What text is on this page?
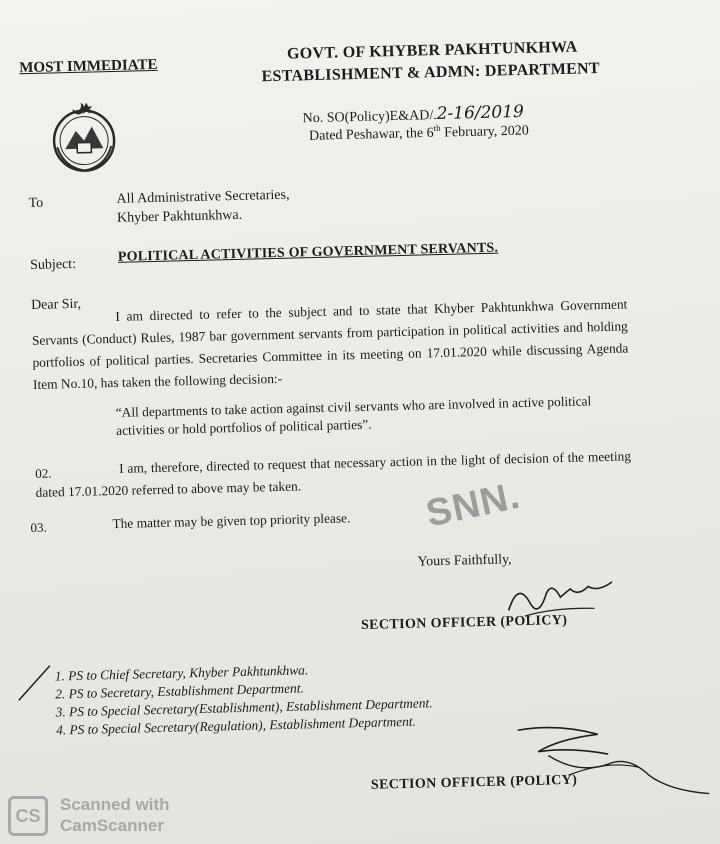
MOST IMMEDIATE
GOVT. OF KHYBER PAKHTUNKHWA
ESTABLISHMENT & ADMN: DEPARTMENT
No. SO(Policy)E&AD/.2-16/2019
Dated Peshawar, the 6th February, 2020
To	All Administrative Secretaries,
Khyber Pakhtunkhwa.
Subject:
POLITICAL ACTIVITIES OF GOVERNMENT SERVANTS.
Dear Sir,	I am directed to refer to the subject and to state that Khyber Pakhtunkhwa Government Servants (Conduct) Rules, 1987 bar government servants from participation in political activities and holding portfolios of political parties. Secretaries Committee in its meeting on 17.01.2020 while discussing Agenda Item No.10, has taken the following decision:-
“All departments to take action against civil servants who are involved in active political activities or hold portfolios of political parties”.
02.	I am, therefore, directed to request that necessary action in the light of decision of the meeting dated 17.01.2020 referred to above may be taken.
03.	The matter may be given top priority please.
Yours Faithfully,
SECTION OFFICER (POLICY)
1. PS to Chief Secretary, Khyber Pakhtunkhwa.
2. PS to Secretary, Establishment Department.
3. PS to Special Secretary(Establishment), Establishment Department.
4. PS to Special Secretary(Regulation), Establishment Department.
SECTION OFFICER (POLICY)
SNN.
CS
Scanned with
CamScanner
